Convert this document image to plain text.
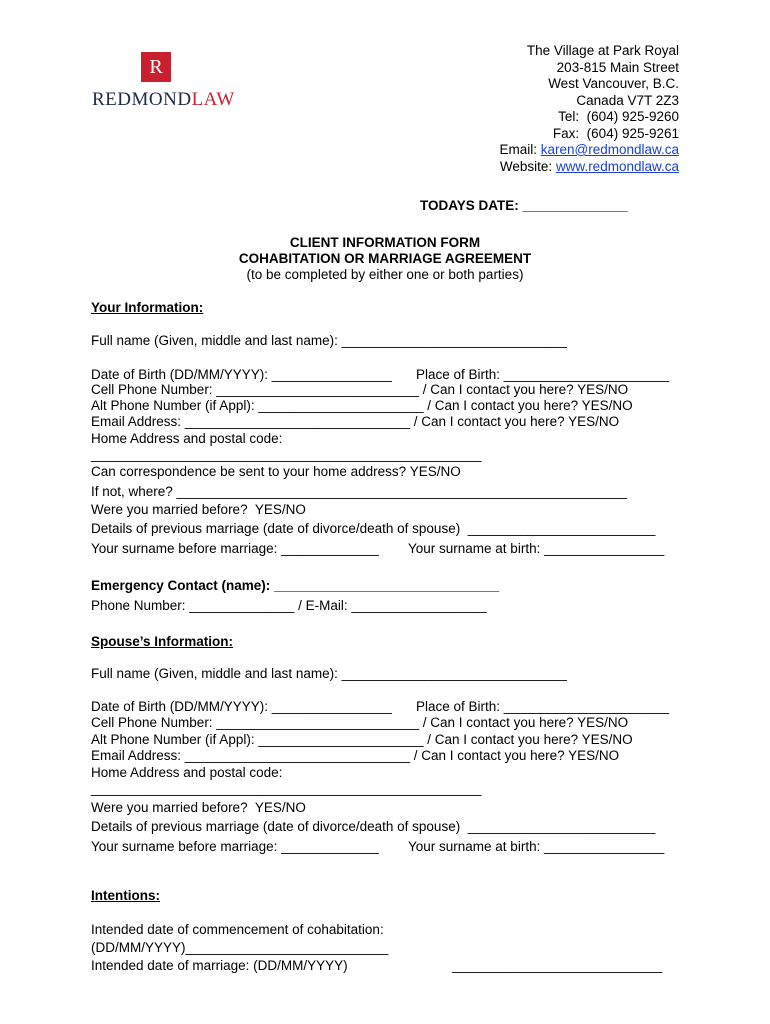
R
REDMONDLAW
The Village at Park Royal
203-815 Main Street
West Vancouver, B.C.
Canada V7T 2Z3
Tel:  (604) 925-9260
Fax:  (604) 925-9261
Email: karen@redmondlaw.ca
Website: www.redmondlaw.ca
TODAYS DATE: ______________
CLIENT INFORMATION FORM
COHABITATION OR MARRIAGE AGREEMENT
(to be completed by either one or both parties)
Your Information:
Full name (Given, middle and last name): ______________________________
Date of Birth (DD/MM/YYYY): ________________ Place of Birth: ______________________
Cell Phone Number: ___________________________ / Can I contact you here? YES/NO
Alt Phone Number (if Appl): ______________________ / Can I contact you here? YES/NO
Email Address: ______________________________ / Can I contact you here? YES/NO
Home Address and postal code:
____________________________________________________
Can correspondence be sent to your home address? YES/NO
If not, where? ____________________________________________________________
Were you married before?  YES/NO
Details of previous marriage (date of divorce/death of spouse)  _________________________
Your surname before marriage: _____________ Your surname at birth: ________________
Emergency Contact (name): ______________________________
Phone Number: ______________ / E-Mail: __________________
Spouse’s Information:
Full name (Given, middle and last name): ______________________________
Date of Birth (DD/MM/YYYY): ________________ Place of Birth: ______________________
Cell Phone Number: ___________________________ / Can I contact you here? YES/NO
Alt Phone Number (if Appl): ______________________ / Can I contact you here? YES/NO
Email Address: ______________________________ / Can I contact you here? YES/NO
Home Address and postal code:
____________________________________________________
Were you married before?  YES/NO
Details of previous marriage (date of divorce/death of spouse)  _________________________
Your surname before marriage: _____________ Your surname at birth: ________________
Intentions:
Intended date of commencement of cohabitation:
(DD/MM/YYYY)___________________________
Intended date of marriage: (DD/MM/YYYY)	____________________________
